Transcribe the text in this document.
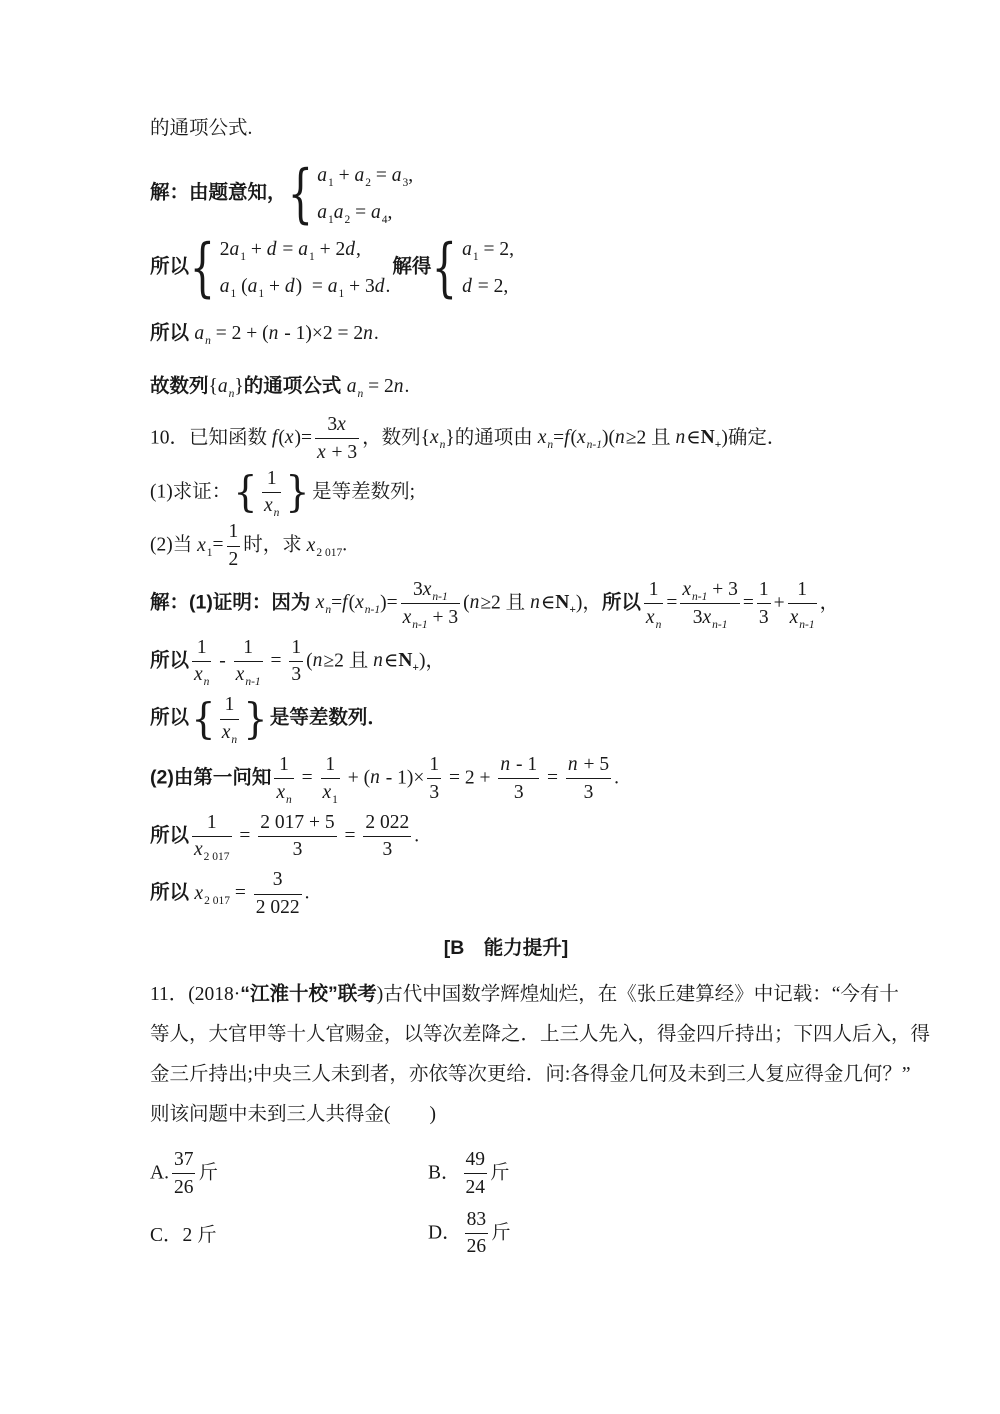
的通项公式.
解：由题意知， { $a_1 + a_2 = a_3$,
$a_1a_2 = a_4$,
所以 { $2a_1 + d = a_1 + 2d$,
$a_1$ $(a_1 + d) = a_1 + 3d$.
解得 { $a_1 = 2$,
d = 2,
所以 $a_n = 2 + (n - 1)\times 2 = 2n$.
故数列$\{a_n\}$的通项公式 $a_n = 2n$.
10．已知函数 $f(x)= \frac{3x}{x + 3}$ ，数列$\{x_n\}$的通项由 $x_n=f(x_{n-1})(n\ge 2$ 且 $n\in N_+$)确定．
(1)求证： { $\frac{1}{x_n}$ } 是等差数列;
(2)当 $x_1= \frac{1}{2}$ 时，求 $x_{2 017}$.
解：(1)证明：因为 $x_n=f(x_{n-1})= \frac{3x_{n-1}}{x_{n-1} + 3} (n\ge 2$ 且 $n\in N_+$)，所以 $\frac{1}{x_n} = \frac{x_{n-1} + 3}{3x_{n-1}} = \frac{1}{3} + \frac{1}{x_{n-1}}$ ，
所以 $\frac{1}{x_n} - \frac{1}{x_{n-1}} = \frac{1}{3} (n\ge 2$ 且 $n\in N_+$)，
所以 { $\frac{1}{x_n}$ } 是等差数列．
(2)由第一问知 $\frac{1}{x_n} = \frac{1}{x_1} + (n - 1)\times \frac{1}{3} = 2 + \frac{n - 1}{3} = \frac{n + 5}{3}$ .
所以 $\frac{1}{x_{2 017}} = \frac{2 017 + 5}{3} = \frac{2 022}{3}$ .
所以 $x_{2 017} = \frac{3}{2 022}$ .
[B　能力提升]
11．(2018·“江淮十校”联考)古代中国数学辉煌灿烂，在《张丘建算经》中记载：“今有十
等人，大官甲等十人官赐金，以等次差降之．上三人先入，得金四斤持出；下四人后入，得
金三斤持出;中央三人未到者，亦依等次更给．问:各得金几何及未到三人复应得金几何？”
则该问题中未到三人共得金(　　)
A. $\frac{37}{26}$ 斤	B． $\frac{49}{24}$ 斤
C．2 斤	D． $\frac{83}{26}$ 斤
